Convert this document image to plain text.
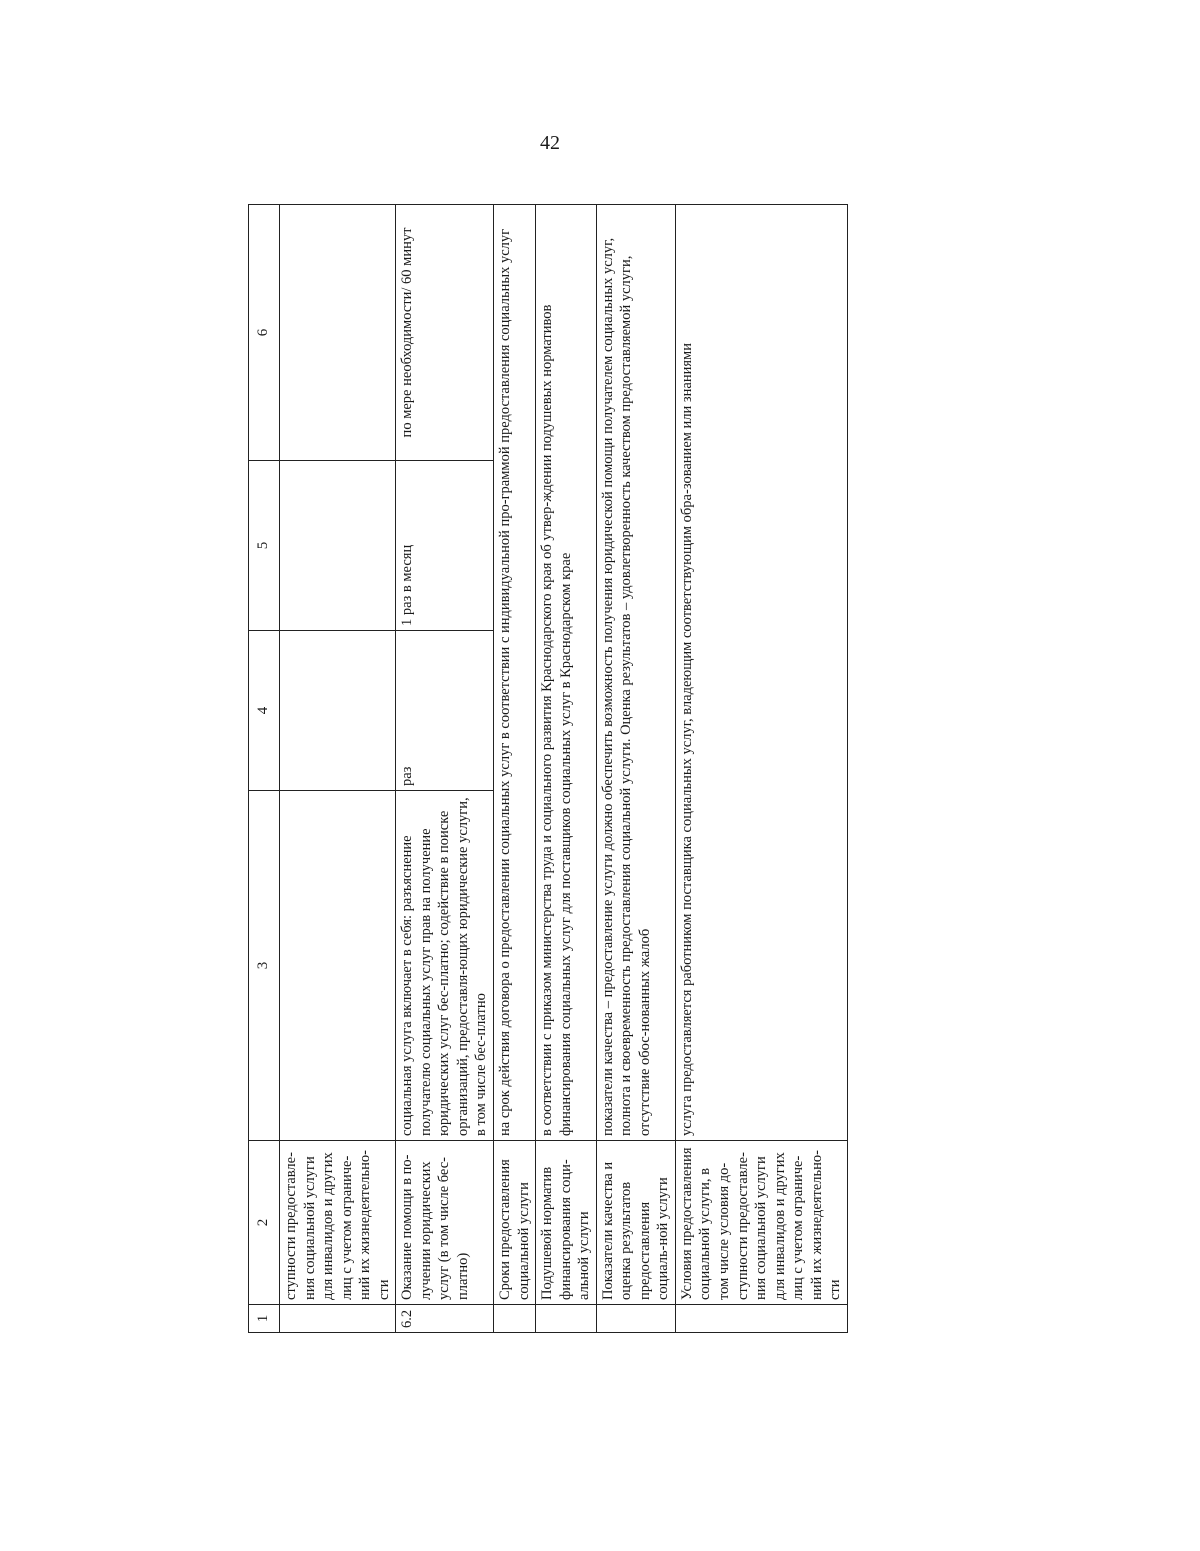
42
1	2	3	4	5	6
	ступности предоставле-ния социальной услуги для инвалидов и других лиц с учетом ограниче-ний их жизнедеятельно-сти				
6.2	Оказание помощи в по-лучении юридических услуг (в том числе бес-платно)	социальная услуга включает в себя: разъяснение получателю социальных услуг прав на получение юридических услуг бес-платно; содействие в поиске организаций, предоставля-ющих юридические услуги, в том числе бес-платно	раз	1 раз в месяц	по мере необходимости/ 60 минут
	Сроки предоставления социальной услуги	на срок действия договора о предоставлении социальных услуг в соответствии с индивидуальной про-граммой предоставления социальных услуг			
	Подушевой норматив финансирования соци-альной услуги	в соответствии с приказом министерства труда и социального развития Краснодарского края об утвер-ждении подушевых нормативов финансирования социальных услуг для поставщиков социальных услуг в Краснодарском крае			
	Показатели качества и оценка результатов предоставления социаль-ной услуги	показатели качества – предоставление услуги должно обеспечить возможность получения юридической помощи получателем социальных услуг, полнота и своевременность предоставления социальной услуги. Оценка результатов – удовлетворенность качеством предоставляемой услуги, отсутствие обос-нованных жалоб			
	Условия предоставления социальной услуги, в том числе условия до-ступности предоставле-ния социальной услуги для инвалидов и других лиц с учетом ограниче-ний их жизнедеятельно-сти	услуга предоставляется работником поставщика социальных услуг, владеющим соответствующим обра-зованием или знаниями			
